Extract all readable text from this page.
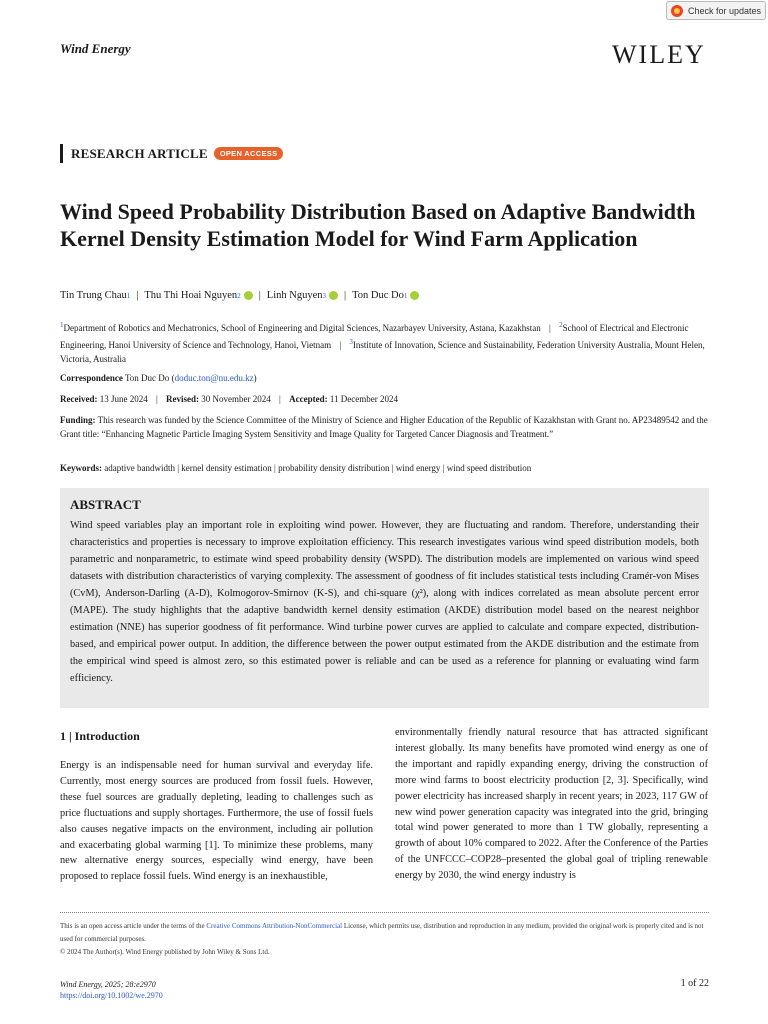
Check for updates
Wind Energy	WILEY
RESEARCH ARTICLE	OPEN ACCESS
Wind Speed Probability Distribution Based on Adaptive Bandwidth Kernel Density Estimation Model for Wind Farm Application
Tin Trung Chau 1 | Thu Thi Hoai Nguyen 2 | Linh Nguyen 3 | Ton Duc Do 1
$^1$Department of Robotics and Mechatronics, School of Engineering and Digital Sciences, Nazarbayev University, Astana, Kazakhstan | $^2$School of Electrical and Electronic Engineering, Hanoi University of Science and Technology, Hanoi, Vietnam | $^3$Institute of Innovation, Science and Sustainability, Federation University Australia, Mount Helen, Victoria, Australia
Correspondence Ton Duc Do (doduc.ton@nu.edu.kz)
Received: 13 June 2024 | Revised: 30 November 2024 | Accepted: 11 December 2024
Funding: This research was funded by the Science Committee of the Ministry of Science and Higher Education of the Republic of Kazakhstan with Grant no. AP23489542 and the Grant title: “Enhancing Magnetic Particle Imaging System Sensitivity and Image Quality for Targeted Cancer Diagnosis and Treatment.”
Keywords: adaptive bandwidth | kernel density estimation | probability density distribution | wind energy | wind speed distribution
ABSTRACT

Wind speed variables play an important role in exploiting wind power. However, they are fluctuating and random. Therefore, understanding their characteristics and properties is necessary to improve exploitation efficiency. This research investigates various wind speed distribution models, both parametric and nonparametric, to estimate wind speed probability density (WSPD). The distribution models are implemented on various wind speed datasets with distribution characteristics of varying complexity. The assessment of goodness of fit includes statistical tests including Cramér-von Mises (CvM), Anderson-Darling (A-D), Kolmogorov-Smirnov (K-S), and chi-square (χ²), along with indices correlated as mean absolute percent error (MAPE). The study highlights that the adaptive bandwidth kernel density estimation (AKDE) distribution model based on the nearest neighbor estimation (NNE) has superior goodness of fit performance. Wind turbine power curves are applied to calculate and compare expected, distribution-based, and empirical power output. In addition, the difference between the power output estimated from the AKDE distribution and the estimate from the empirical wind speed is almost zero, so this estimated power is reliable and can be used as a reference for planning or evaluating wind farm efficiency.

1 | Introduction

Energy is an indispensable need for human survival and everyday life. Currently, most energy sources are produced from fossil fuels. However, these fuel sources are gradually depleting, leading to challenges such as price fluctuations and supply shortages. Furthermore, the use of fossil fuels also causes negative impacts on the environment, including air pollution and exacerbating global warming [1]. To minimize these problems, many new alternative energy sources, especially wind energy, have been proposed to replace fossil fuels. Wind energy is an inexhaustible,

environmentally friendly natural resource that has attracted significant interest globally. Its many benefits have promoted wind energy as one of the important and rapidly expanding energy, driving the construction of more wind farms to boost electricity production [2, 3]. Specifically, wind power electricity has increased sharply in recent years; in 2023, 117 GW of new wind power generation capacity was integrated into the grid, bringing total wind power generated to more than 1 TW globally, representing a growth of about 10% compared to 2022. After the Conference of the Parties of the UNFCCC–COP28–presented the global goal of tripling renewable energy by 2030, the wind energy industry is

This is an open access article under the terms of the Creative Commons Attribution-NonCommercial License, which permits use, distribution and reproduction in any medium, provided the original work is properly cited and is not used for commercial purposes.
© 2024 The Author(s). Wind Energy published by John Wiley & Sons Ltd.
Wind Energy, 2025; 28:e2970
https://doi.org/10.1002/we.2970
1 of 22
